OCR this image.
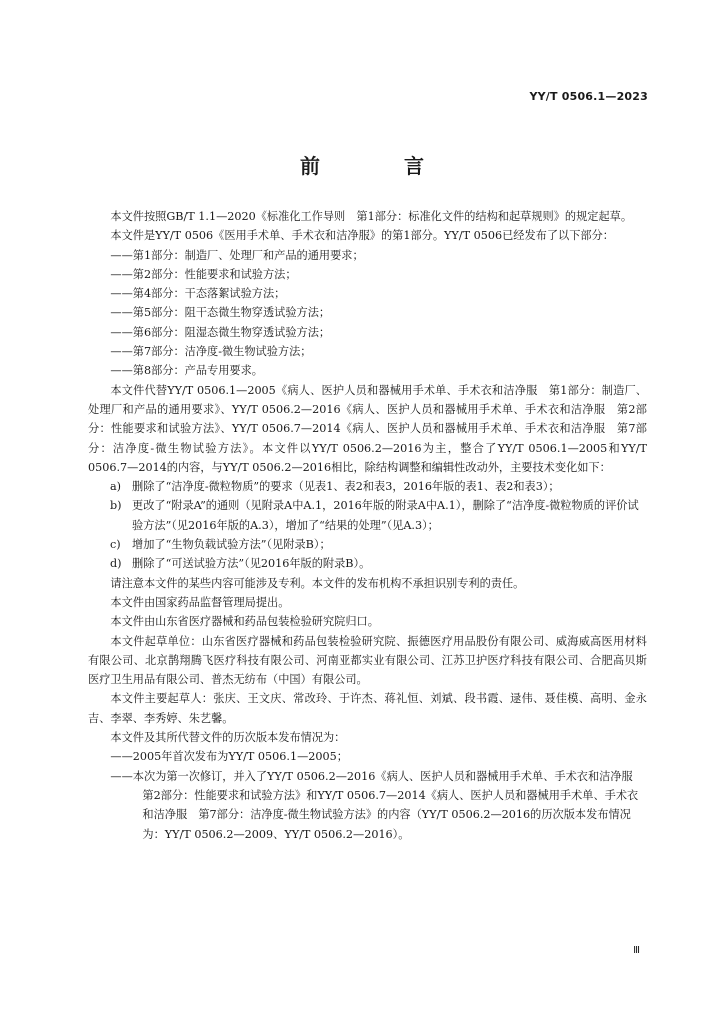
YY/T 0506.1—2023
前　言

本文件按照GB/T 1.1—2020《标准化工作导则　第1部分：标准化文件的结构和起草规则》的规定起草。

本文件是YY/T 0506《医用手术单、手术衣和洁净服》的第1部分。YY/T 0506已经发布了以下部分：

——第1部分：制造厂、处理厂和产品的通用要求；

——第2部分：性能要求和试验方法；

——第4部分：干态落絮试验方法；

——第5部分：阻干态微生物穿透试验方法；

——第6部分：阻湿态微生物穿透试验方法；

——第7部分：洁净度-微生物试验方法；

——第8部分：产品专用要求。

本文件代替YY/T 0506.1—2005《病人、医护人员和器械用手术单、手术衣和洁净服　第1部分：制造厂、处理厂和产品的通用要求》、YY/T 0506.2—2016《病人、医护人员和器械用手术单、手术衣和洁净服　第2部分：性能要求和试验方法》、YY/T 0506.7—2014《病人、医护人员和器械用手术单、手术衣和洁净服　第7部分：洁净度-微生物试验方法》。本文件以YY/T 0506.2—2016为主，整合了YY/T 0506.1—2005和YY/T 0506.7—2014的内容，与YY/T 0506.2—2016相比，除结构调整和编辑性改动外，主要技术变化如下：

a) 删除了“洁净度-微粒物质”的要求（见表1、表2和表3，2016年版的表1、表2和表3）；

b) 更改了“附录A”的通则（见附录A中A.1，2016年版的附录A中A.1），删除了“洁净度-微粒物质的评价试验方法”（见2016年版的A.3），增加了“结果的处理”（见A.3）；

c) 增加了“生物负载试验方法”（见附录B）；

d) 删除了“可送试验方法”（见2016年版的附录B）。

请注意本文件的某些内容可能涉及专利。本文件的发布机构不承担识别专利的责任。

本文件由国家药品监督管理局提出。

本文件由山东省医疗器械和药品包装检验研究院归口。

本文件起草单位：山东省医疗器械和药品包装检验研究院、振德医疗用品股份有限公司、威海威高医用材料有限公司、北京鹊翔腾飞医疗科技有限公司、河南亚都实业有限公司、江苏卫护医疗科技有限公司、合肥高贝斯医疗卫生用品有限公司、普杰无纺布（中国）有限公司。

本文件主要起草人：张庆、王文庆、常改玲、于许杰、蒋礼恒、刘斌、段书霞、逯伟、聂佳模、高明、金永吉、李翠、李秀婷、朱艺馨。

本文件及其所代替文件的历次版本发布情况为：

——2005年首次发布为YY/T 0506.1—2005；

——本次为第一次修订，并入了YY/T 0506.2—2016《病人、医护人员和器械用手术单、手术衣和洁净服　第2部分：性能要求和试验方法》和YY/T 0506.7—2014《病人、医护人员和器械用手术单、手术衣和洁净服　第7部分：洁净度-微生物试验方法》的内容（YY/T 0506.2—2016的历次版本发布情况为：YY/T 0506.2—2009、YY/T 0506.2—2016）。

Ⅲ
